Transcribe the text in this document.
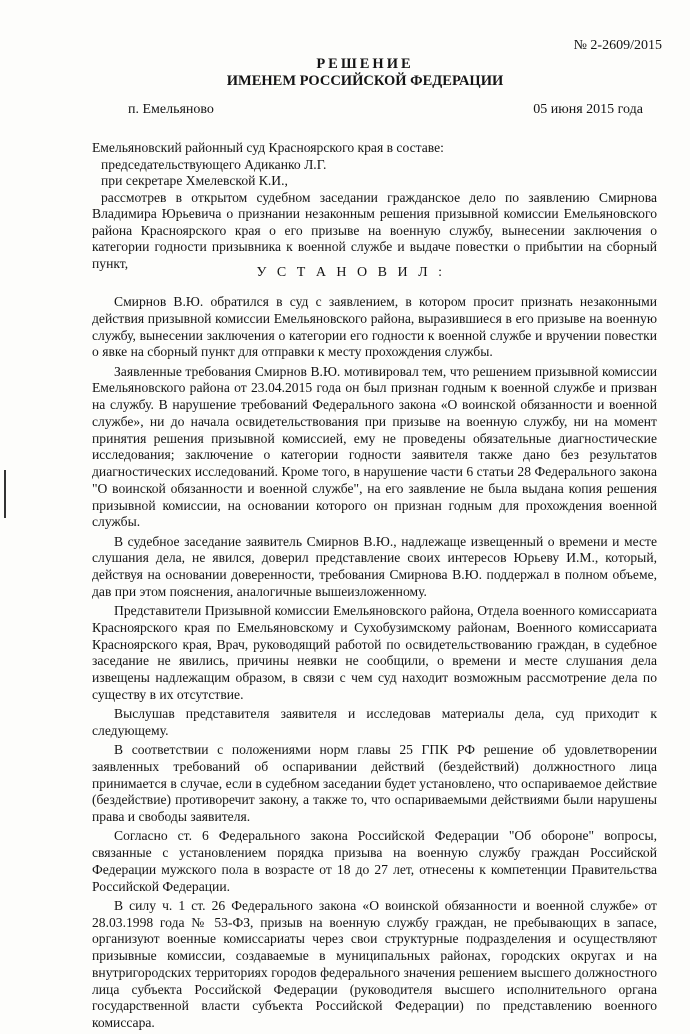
№ 2-2609/2015
РЕШЕНИЕ
ИМЕНЕМ РОССИЙСКОЙ ФЕДЕРАЦИИ
п. Емельяново	05 июня 2015 года
Емельяновский районный суд Красноярского края в составе:
председательствующего Адиканко Л.Г.
при секретаре Хмелевской К.И.,
рассмотрев в открытом судебном заседании гражданское дело по заявлению Смирнова Владимира Юрьевича о признании незаконным решения призывной комиссии Емельяновского района Красноярского края о его призыве на военную службу, вынесении заключения о категории годности призывника к военной службе и выдаче повестки о прибытии на сборный пункт,
У С Т А Н О В И Л :

Смирнов В.Ю. обратился в суд с заявлением, в котором просит признать незаконными действия призывной комиссии Емельяновского района, выразившиеся в его призыве на военную службу, вынесении заключения о категории его годности к военной службе и вручении повестки о явке на сборный пункт для отправки к месту прохождения службы.

Заявленные требования Смирнов В.Ю. мотивировал тем, что решением призывной комиссии Емельяновского района от 23.04.2015 года он был признан годным к военной службе и призван на службу. В нарушение требований Федерального закона «О воинской обязанности и военной службе», ни до начала освидетельствования при призыве на военную службу, ни на момент принятия решения призывной комиссией, ему не проведены обязательные диагностические исследования; заключение о категории годности заявителя также дано без результатов диагностических исследований. Кроме того, в нарушение части 6 статьи 28 Федерального закона "О воинской обязанности и военной службе", на его заявление не была выдана копия решения призывной комиссии, на основании которого он признан годным для прохождения военной службы.

В судебное заседание заявитель Смирнов В.Ю., надлежаще извещенный о времени и месте слушания дела, не явился, доверил представление своих интересов Юрьеву И.М., который, действуя на основании доверенности, требования Смирнова В.Ю. поддержал в полном объеме, дав при этом пояснения, аналогичные вышеизложенному.

Представители Призывной комиссии Емельяновского района, Отдела военного комиссариата Красноярского края по Емельяновскому и Сухобузимскому районам, Военного комиссариата Красноярского края, Врач, руководящий работой по освидетельствованию граждан, в судебное заседание не явились, причины неявки не сообщили, о времени и месте слушания дела извещены надлежащим образом, в связи с чем суд находит возможным рассмотрение дела по существу в их отсутствие.

Выслушав представителя заявителя и исследовав материалы дела, суд приходит к следующему.

В соответствии с положениями норм главы 25 ГПК РФ решение об удовлетворении заявленных требований об оспаривании действий (бездействий) должностного лица принимается в случае, если в судебном заседании будет установлено, что оспариваемое действие (бездействие) противоречит закону, а также то, что оспариваемыми действиями были нарушены права и свободы заявителя.

Согласно ст. 6 Федерального закона Российской Федерации "Об обороне" вопросы, связанные с установлением порядка призыва на военную службу граждан Российской Федерации мужского пола в возрасте от 18 до 27 лет, отнесены к компетенции Правительства Российской Федерации.

В силу ч. 1 ст. 26 Федерального закона «О воинской обязанности и военной службе» от 28.03.1998 года № 53-ФЗ, призыв на военную службу граждан, не пребывающих в запасе, организуют военные комиссариаты через свои структурные подразделения и осуществляют призывные комиссии, создаваемые в муниципальных районах, городских округах и на внутригородских территориях городов федерального значения решением высшего должностного лица субъекта Российской Федерации (руководителя высшего исполнительного органа государственной власти субъекта Российской Федерации) по представлению военного комиссара.
